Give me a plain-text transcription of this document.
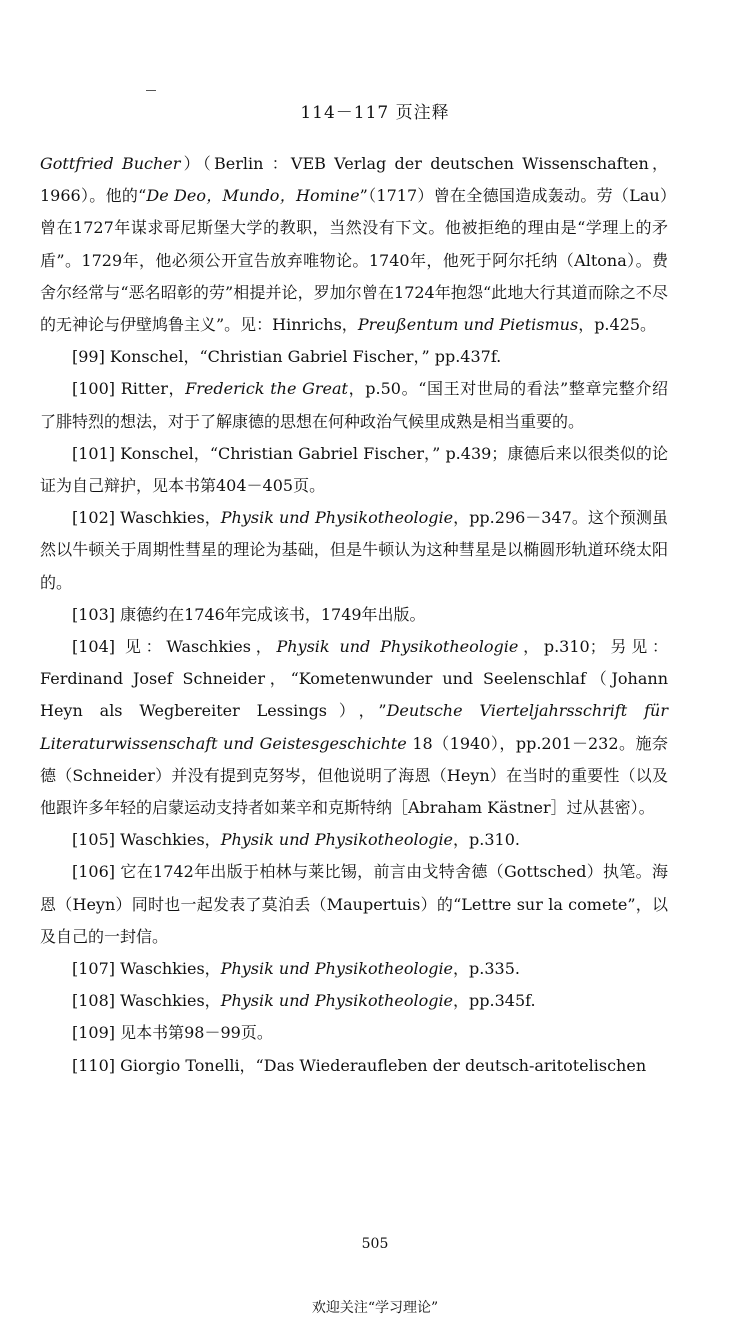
114－117 页注释

Gottfried Bucher）（Berlin ：VEB Verlag der deutschen Wissenschaften，1966）。他的“De Deo，Mundo，Homine”（1717）曾在全德国造成轰动。劳（Lau）曾在1727年谋求哥尼斯堡大学的教职，当然没有下文。他被拒绝的理由是“学理上的矛盾”。1729年，他必须公开宣告放弃唯物论。1740年，他死于阿尔托纳（Altona）。费舍尔经常与“恶名昭彰的劳”相提并论，罗加尔曾在1724年抱怨“此地大行其道而除之不尽的无神论与伊壁鸠鲁主义”。见：Hinrichs，Preußentum und Pietismus，p.425。

[99] Konschel，“Christian Gabriel Fischer，” pp.437f.

[100] Ritter，Frederick the Great，p.50。“国王对世局的看法”整章完整介绍了腓特烈的想法，对于了解康德的思想在何种政治气候里成熟是相当重要的。

[101] Konschel，“Christian Gabriel Fischer，” p.439；康德后来以很类似的论证为自己辩护，见本书第404－405页。

[102] Waschkies，Physik und Physikotheologie，pp.296－347。这个预测虽然以牛顿关于周期性彗星的理论为基础，但是牛顿认为这种彗星是以椭圆形轨道环绕太阳的。

[103] 康德约在1746年完成该书，1749年出版。

[104] 见：Waschkies，Physik und Physikotheologie，p.310；另见：Ferdinand Josef Schneider，“Kometenwunder und Seelenschlaf（Johann Heyn als Wegbereiter Lessings），”Deutsche Vierteljahrsschrift für Literaturwissenschaft und Geistesgeschichte 18（1940），pp.201－232。施奈德（Schneider）并没有提到克努岑，但他说明了海恩（Heyn）在当时的重要性（以及他跟许多年轻的启蒙运动支持者如莱辛和克斯特纳［Abraham Kästner］过从甚密）。

[105] Waschkies，Physik und Physikotheologie，p.310.

[106] 它在1742年出版于柏林与莱比锡，前言由戈特舍德（Gottsched）执笔。海恩（Heyn）同时也一起发表了莫泊丢（Maupertuis）的“Lettre sur la comete”，以及自己的一封信。

[107] Waschkies，Physik und Physikotheologie，p.335.

[108] Waschkies，Physik und Physikotheologie，pp.345f.

[109] 见本书第98－99页。

[110] Giorgio Tonelli，“Das Wiederaufleben der deutsch-aritotelischen

505
欢迎关注“学习理论”
